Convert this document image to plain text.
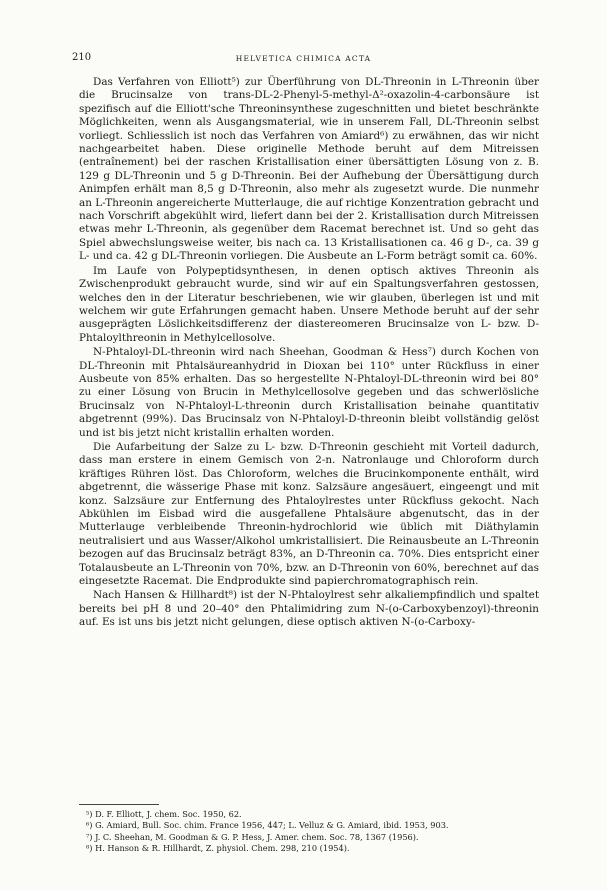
210	HELVETICA CHIMICA ACTA

Das Verfahren von Elliott⁵) zur Überführung von DL-Threonin in L-Threonin über die Brucinsalze von trans-DL-2-Phenyl-5-methyl-Δ²-oxazolin-4-carbonsäure ist spezifisch auf die Elliott'sche Threoninsynthese zugeschnitten und bietet beschränkte Möglichkeiten, wenn als Ausgangsmaterial, wie in unserem Fall, DL-Threonin selbst vorliegt. Schliesslich ist noch das Verfahren von Amiard⁶) zu erwähnen, das wir nicht nachgearbeitet haben. Diese originelle Methode beruht auf dem Mitreissen (entraînement) bei der raschen Kristallisation einer übersättigten Lösung von z. B. 129 g DL-Threonin und 5 g D-Threonin. Bei der Aufhebung der Übersättigung durch Animpfen erhält man 8,5 g D-Threonin, also mehr als zugesetzt wurde. Die nunmehr an L-Threonin angereicherte Mutterlauge, die auf richtige Konzentration gebracht und nach Vorschrift abgekühlt wird, liefert dann bei der 2. Kristallisation durch Mitreissen etwas mehr L-Threonin, als gegenüber dem Racemat berechnet ist. Und so geht das Spiel abwechslungsweise weiter, bis nach ca. 13 Kristallisationen ca. 46 g D-, ca. 39 g L- und ca. 42 g DL-Threonin vorliegen. Die Ausbeute an L-Form beträgt somit ca. 60%.

Im Laufe von Polypeptidsynthesen, in denen optisch aktives Threonin als Zwischenprodukt gebraucht wurde, sind wir auf ein Spaltungsverfahren gestossen, welches den in der Literatur beschriebenen, wie wir glauben, überlegen ist und mit welchem wir gute Erfahrungen gemacht haben. Unsere Methode beruht auf der sehr ausgeprägten Löslichkeitsdifferenz der diastereomeren Brucinsalze von L- bzw. D-Phtaloylthreonin in Methylcellosolve.

N-Phtaloyl-DL-threonin wird nach Sheehan, Goodman & Hess⁷) durch Kochen von DL-Threonin mit Phtalsäureanhydrid in Dioxan bei 110° unter Rückfluss in einer Ausbeute von 85% erhalten. Das so hergestellte N-Phtaloyl-DL-threonin wird bei 80° zu einer Lösung von Brucin in Methylcellosolve gegeben und das schwerlösliche Brucinsalz von N-Phtaloyl-L-threonin durch Kristallisation beinahe quantitativ abgetrennt (99%). Das Brucinsalz von N-Phtaloyl-D-threonin bleibt vollständig gelöst und ist bis jetzt nicht kristallin erhalten worden.

Die Aufarbeitung der Salze zu L- bzw. D-Threonin geschieht mit Vorteil dadurch, dass man erstere in einem Gemisch von 2-n. Natronlauge und Chloroform durch kräftiges Rühren löst. Das Chloroform, welches die Brucinkomponente enthält, wird abgetrennt, die wässerige Phase mit konz. Salzsäure angesäuert, eingeengt und mit konz. Salzsäure zur Entfernung des Phtaloylrestes unter Rückfluss gekocht. Nach Abkühlen im Eisbad wird die ausgefallene Phtalsäure abgenutscht, das in der Mutterlauge verbleibende Threonin-hydrochlorid wie üblich mit Diäthylamin neutralisiert und aus Wasser/Alkohol umkristallisiert. Die Reinausbeute an L-Threonin bezogen auf das Brucinsalz beträgt 83%, an D-Threonin ca. 70%. Dies entspricht einer Totalausbeute an L-Threonin von 70%, bzw. an D-Threonin von 60%, berechnet auf das eingesetzte Racemat. Die Endprodukte sind papierchromatographisch rein.

Nach Hansen & Hillhardt⁸) ist der N-Phtaloylrest sehr alkaliempfindlich und spaltet bereits bei pH 8 und 20–40° den Phtalimidring zum N-(o-Carboxybenzoyl)-threonin auf. Es ist uns bis jetzt nicht gelungen, diese optisch aktiven N-(o-Carboxy-

⁵) D. F. Elliott, J. chem. Soc. 1950, 62.
⁶) G. Amiard, Bull. Soc. chim. France 1956, 447; L. Velluz & G. Amiard, ibid. 1953, 903.
⁷) J. C. Sheehan, M. Goodman & G. P. Hess, J. Amer. chem. Soc. 78, 1367 (1956).
⁸) H. Hanson & R. Hillhardt, Z. physiol. Chem. 298, 210 (1954).
